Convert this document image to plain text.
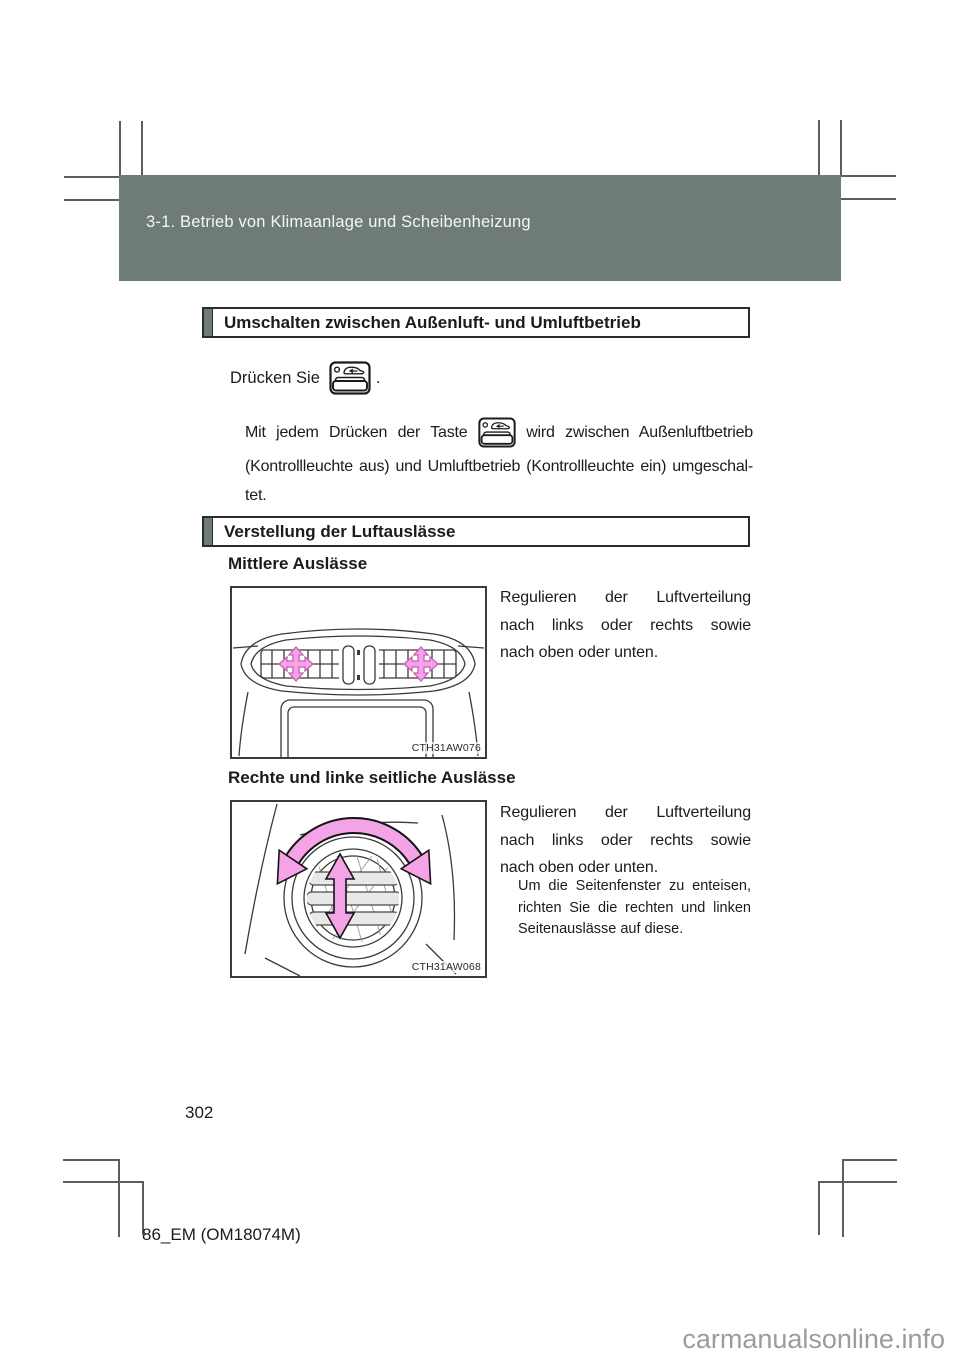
3-1. Betrieb von Klimaanlage und Scheibenheizung
Umschalten zwischen Außenluft- und Umluftbetrieb
Drücken Sie	.
Mit jedem Drücken der Taste	wird zwischen Außenluftbetrieb
(Kontrollleuchte aus) und Umluftbetrieb (Kontrollleuchte ein) umgeschal-
tet.
Verstellung der Luftauslässe
Mittlere Auslässe
CTH31AW076
Regulieren der Luftverteilung
nach links oder rechts sowie
nach oben oder unten.
Rechte und linke seitliche Auslässe
CTH31AW068
Regulieren der Luftverteilung
nach links oder rechts sowie
nach oben oder unten.
Um die Seitenfenster zu enteisen,
richten Sie die rechten und linken
Seitenauslässe auf diese.
302
86_EM (OM18074M)
carmanualsonline.info
